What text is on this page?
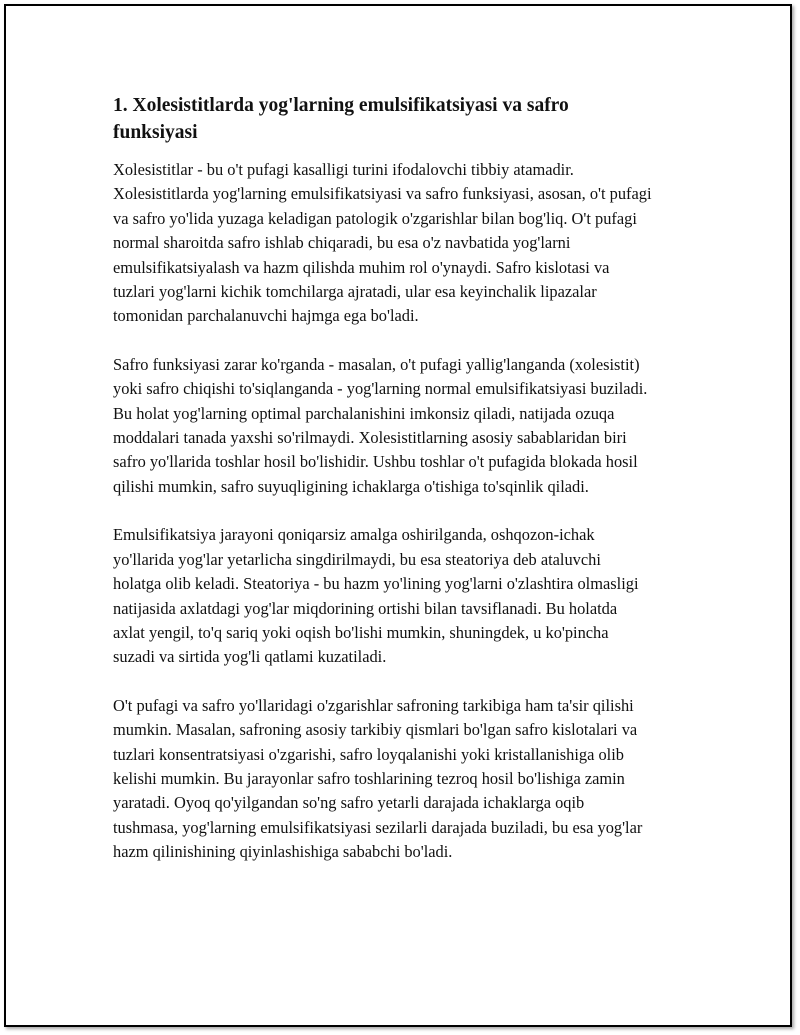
1. Xolesistitlarda yog'larning emulsifikatsiyasi va safro funksiyasi

Xolesistitlar - bu o't pufagi kasalligi turini ifodalovchi tibbiy atamadir. Xolesistitlarda yog'larning emulsifikatsiyasi va safro funksiyasi, asosan, o't pufagi va safro yo'lida yuzaga keladigan patologik o'zgarishlar bilan bog'liq. O't pufagi normal sharoitda safro ishlab chiqaradi, bu esa o'z navbatida yog'larni emulsifikatsiyalash va hazm qilishda muhim rol o'ynaydi. Safro kislotasi va tuzlari yog'larni kichik tomchilarga ajratadi, ular esa keyinchalik lipazalar tomonidan parchalanuvchi hajmga ega bo'ladi.

Safro funksiyasi zarar ko'rganda - masalan, o't pufagi yallig'langanda (xolesistit) yoki safro chiqishi to'siqlanganda - yog'larning normal emulsifikatsiyasi buziladi. Bu holat yog'larning optimal parchalanishini imkonsiz qiladi, natijada ozuqa moddalari tanada yaxshi so'rilmaydi. Xolesistitlarning asosiy sabablaridan biri safro yo'llarida toshlar hosil bo'lishidir. Ushbu toshlar o't pufagida blokada hosil qilishi mumkin, safro suyuqligining ichaklarga o'tishiga to'sqinlik qiladi.

Emulsifikatsiya jarayoni qoniqarsiz amalga oshirilganda, oshqozon-ichak yo'llarida yog'lar yetarlicha singdirilmaydi, bu esa steatoriya deb ataluvchi holatga olib keladi. Steatoriya - bu hazm yo'lining yog'larni o'zlashtira olmasligi natijasida axlatdagi yog'lar miqdorining ortishi bilan tavsiflanadi. Bu holatda axlat yengil, to'q sariq yoki oqish bo'lishi mumkin, shuningdek, u ko'pincha suzadi va sirtida yog'li qatlami kuzatiladi.

O't pufagi va safro yo'llaridagi o'zgarishlar safroning tarkibiga ham ta'sir qilishi mumkin. Masalan, safroning asosiy tarkibiy qismlari bo'lgan safro kislotalari va tuzlari konsentratsiyasi o'zgarishi, safro loyqalanishi yoki kristallanishiga olib kelishi mumkin. Bu jarayonlar safro toshlarining tezroq hosil bo'lishiga zamin yaratadi. Oyoq qo'yilgandan so'ng safro yetarli darajada ichaklarga oqib tushmasa, yog'larning emulsifikatsiyasi sezilarli darajada buziladi, bu esa yog'lar hazm qilinishining qiyinlashishiga sababchi bo'ladi.
